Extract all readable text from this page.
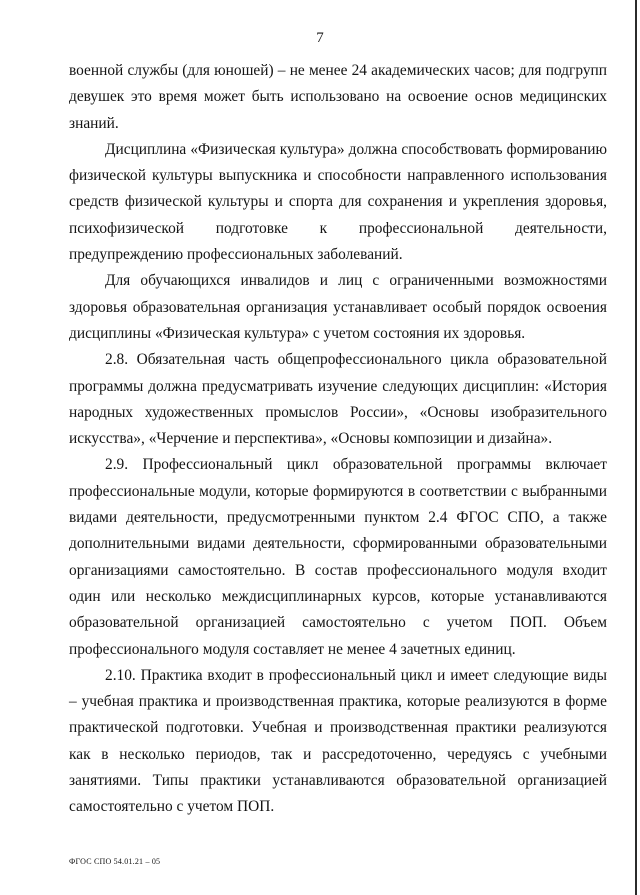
7

военной службы (для юношей) – не менее 24 академических часов; для подгрупп девушек это время может быть использовано на освоение основ медицинских знаний.

Дисциплина «Физическая культура» должна способствовать формированию физической культуры выпускника и способности направленного использования средств физической культуры и спорта для сохранения и укрепления здоровья, психофизической подготовке к профессиональной деятельности, предупреждению профессиональных заболеваний.

Для обучающихся инвалидов и лиц с ограниченными возможностями здоровья образовательная организация устанавливает особый порядок освоения дисциплины «Физическая культура» с учетом состояния их здоровья.

2.8. Обязательная часть общепрофессионального цикла образовательной программы должна предусматривать изучение следующих дисциплин: «История народных художественных промыслов России», «Основы изобразительного искусства», «Черчение и перспектива», «Основы композиции и дизайна».

2.9. Профессиональный цикл образовательной программы включает профессиональные модули, которые формируются в соответствии с выбранными видами деятельности, предусмотренными пунктом 2.4 ФГОС СПО, а также дополнительными видами деятельности, сформированными образовательными организациями самостоятельно. В состав профессионального модуля входит один или несколько междисциплинарных курсов, которые устанавливаются образовательной организацией самостоятельно с учетом ПОП. Объем профессионального модуля составляет не менее 4 зачетных единиц.

2.10. Практика входит в профессиональный цикл и имеет следующие виды – учебная практика и производственная практика, которые реализуются в форме практической подготовки. Учебная и производственная практики реализуются как в несколько периодов, так и рассредоточенно, чередуясь с учебными занятиями. Типы практики устанавливаются образовательной организацией самостоятельно с учетом ПОП.

ФГОС СПО 54.01.21 – 05
